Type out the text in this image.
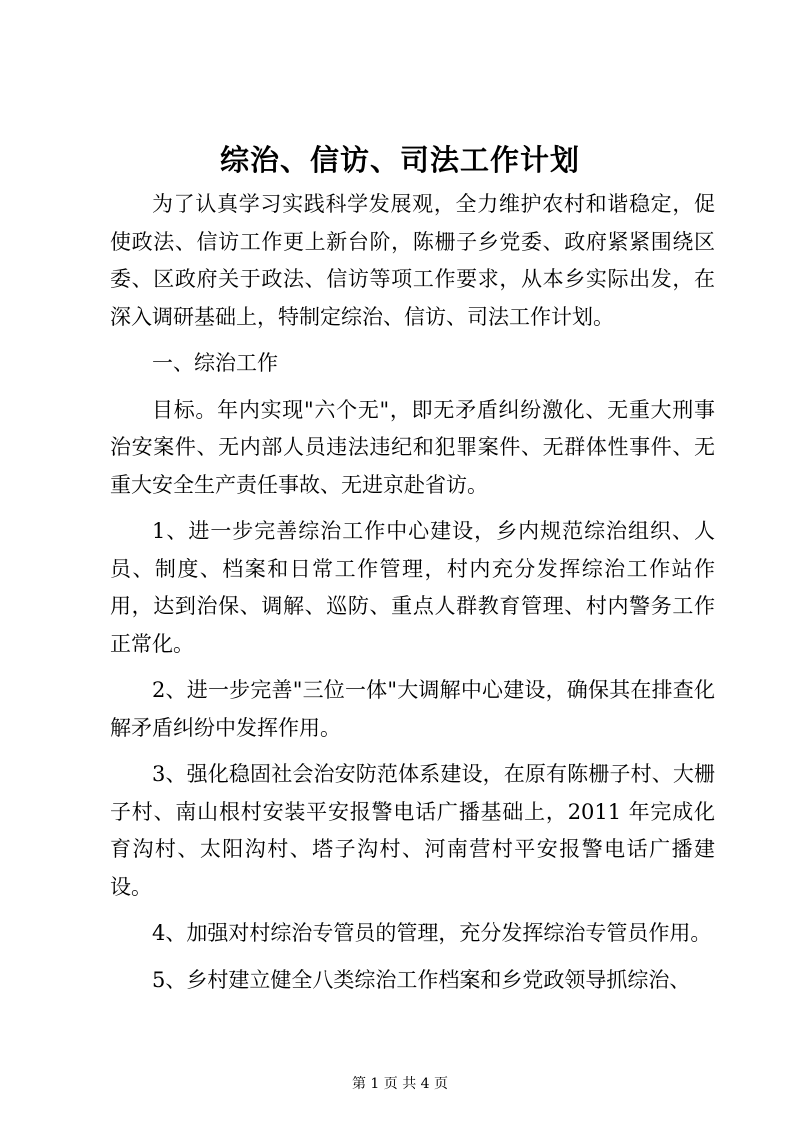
综治、信访、司法工作计划

为了认真学习实践科学发展观，全力维护农村和谐稳定，促使政法、信访工作更上新台阶，陈栅子乡党委、政府紧紧围绕区委、区政府关于政法、信访等项工作要求，从本乡实际出发，在深入调研基础上，特制定综治、信访、司法工作计划。

一、综治工作

目标。年内实现"六个无"，即无矛盾纠纷激化、无重大刑事治安案件、无内部人员违法违纪和犯罪案件、无群体性事件、无重大安全生产责任事故、无进京赴省访。

1、进一步完善综治工作中心建设，乡内规范综治组织、人员、制度、档案和日常工作管理，村内充分发挥综治工作站作用，达到治保、调解、巡防、重点人群教育管理、村内警务工作正常化。

2、进一步完善"三位一体"大调解中心建设，确保其在排查化解矛盾纠纷中发挥作用。

3、强化稳固社会治安防范体系建设，在原有陈栅子村、大栅子村、南山根村安装平安报警电话广播基础上，2011 年完成化育沟村、太阳沟村、塔子沟村、河南营村平安报警电话广播建设。

4、加强对村综治专管员的管理，充分发挥综治专管员作用。

5、乡村建立健全八类综治工作档案和乡党政领导抓综治、

第 1 页 共 4 页
